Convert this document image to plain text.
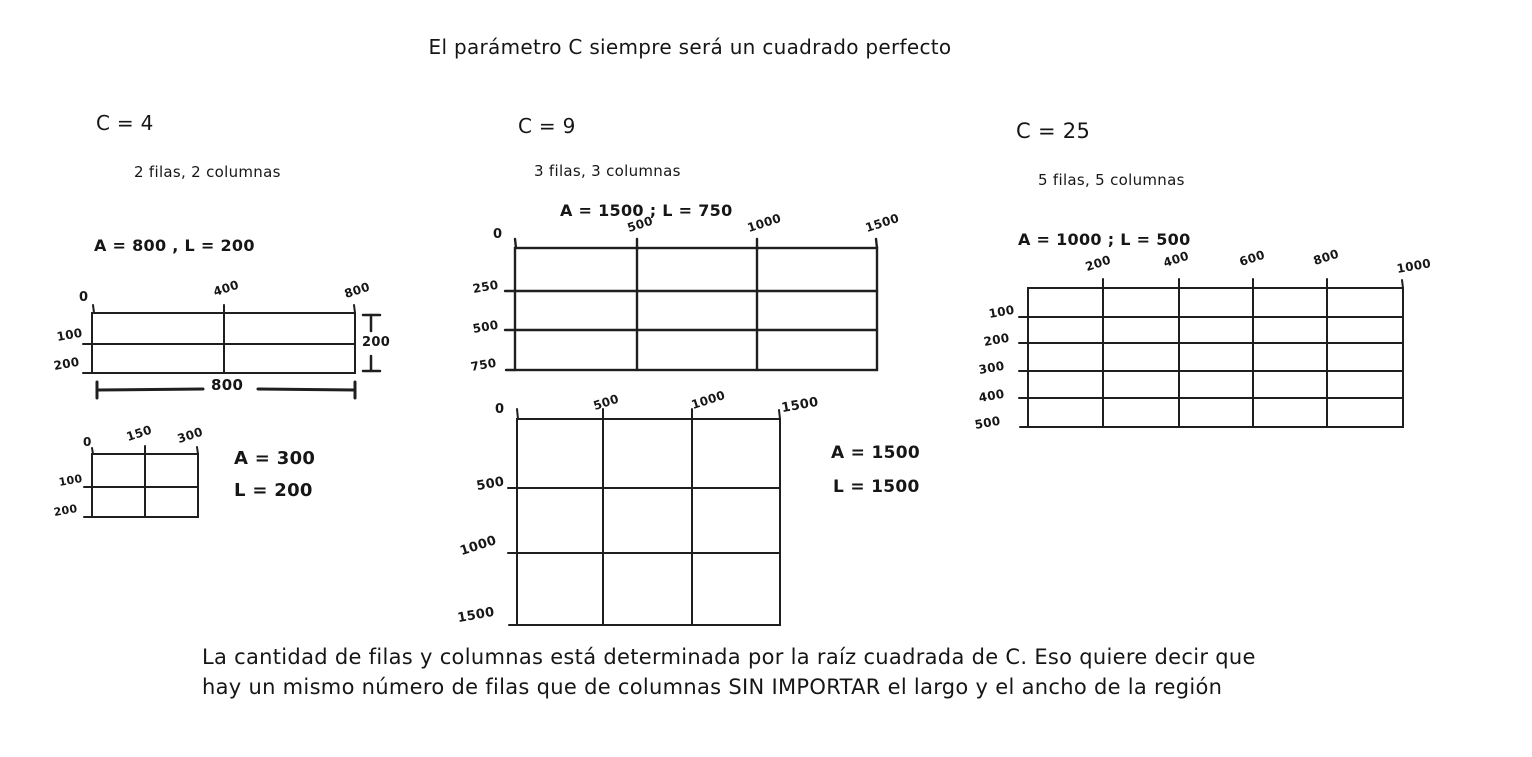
El parámetro C siempre será un cuadrado perfecto
C = 4
2 filas, 2 columnas
A = 800 , L = 200
0	400	800
100
200
200
800
0	150 300
100
200
A = 300
L = 200
C = 9
3 filas, 3 columnas
A = 1500 ; L = 750
0	500	1000	1500
250
500
750
0	500	1000	1500
500
1000
1500
A = 1500
L = 1500
C = 25
5 filas, 5 columnas
A = 1000 ; L = 500
200	400	600	800	1000
100
200
300
400
500
La cantidad de filas y columnas está determinada por la raíz cuadrada de C. Eso quiere decir que
hay un mismo número de filas que de columnas SIN IMPORTAR el largo y el ancho de la región
